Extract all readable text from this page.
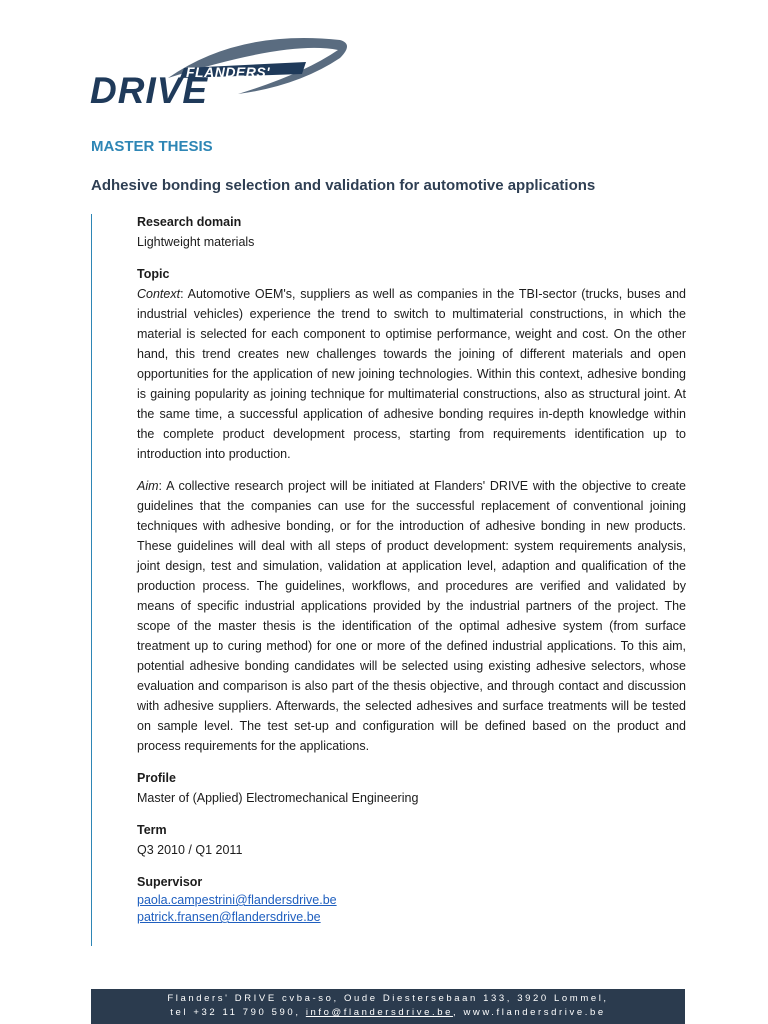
FLANDERS'
DRIVE
MASTER THESIS
Adhesive bonding selection and validation for automotive applications
Research domain
Lightweight materials
Topic

Context: Automotive OEM's, suppliers as well as companies in the TBI-sector (trucks, buses and industrial vehicles) experience the trend to switch to multimaterial constructions, in which the material is selected for each component to optimise performance, weight and cost. On the other hand, this trend creates new challenges towards the joining of different materials and open opportunities for the application of new joining technologies. Within this context, adhesive bonding is gaining popularity as joining technique for multimaterial constructions, also as structural joint. At the same time, a successful application of adhesive bonding requires in-depth knowledge within the complete product development process, starting from requirements identification up to introduction into production.

Aim: A collective research project will be initiated at Flanders' DRIVE with the objective to create guidelines that the companies can use for the successful replacement of conventional joining techniques with adhesive bonding, or for the introduction of adhesive bonding in new products. These guidelines will deal with all steps of product development: system requirements analysis, joint design, test and simulation, validation at application level, adaption and qualification of the production process. The guidelines, workflows, and procedures are verified and validated by means of specific industrial applications provided by the industrial partners of the project. The scope of the master thesis is the identification of the optimal adhesive system (from surface treatment up to curing method) for one or more of the defined industrial applications. To this aim, potential adhesive bonding candidates will be selected using existing adhesive selectors, whose evaluation and comparison is also part of the thesis objective, and through contact and discussion with adhesive suppliers. Afterwards, the selected adhesives and surface treatments will be tested on sample level. The test set-up and configuration will be defined based on the product and process requirements for the applications.

Profile
Master of (Applied) Electromechanical Engineering
Term
Q3 2010 / Q1 2011
Supervisor
paola.campestrini@flandersdrive.be
patrick.fransen@flandersdrive.be
Flanders' DRIVE cvba-so, Oude Diestersebaan 133, 3920 Lommel,
tel +32 11 790 590, info@flandersdrive.be, www.flandersdrive.be
